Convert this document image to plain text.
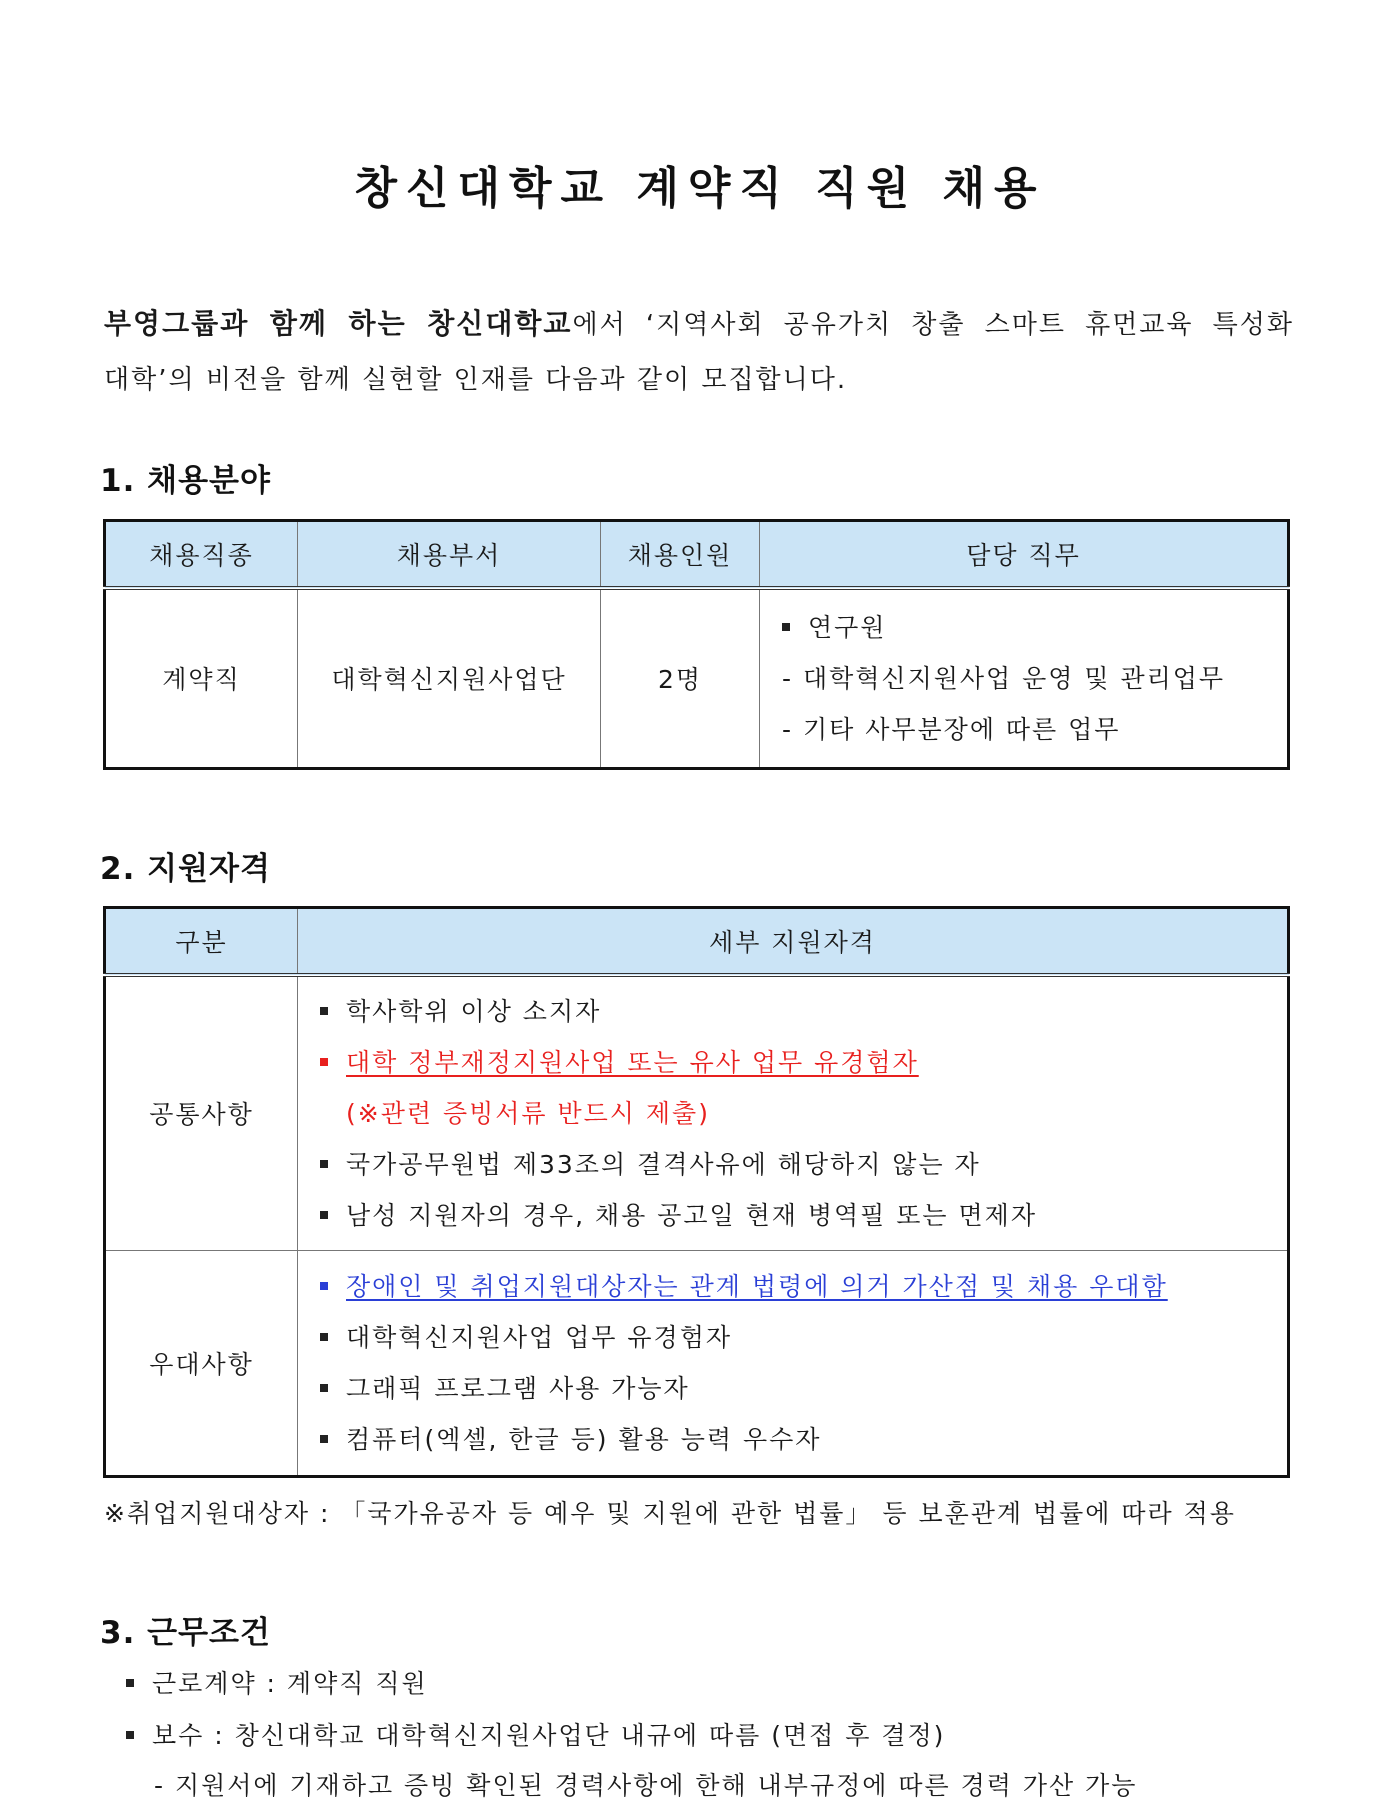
창신대학교 계약직 직원 채용
부영그룹과 함께 하는 창신대학교에서 ‘지역사회 공유가치 창출 스마트 휴먼교육 특성화
대학’의 비전을 함께 실현할 인재를 다음과 같이 모집합니다.
1. 채용분야
채용직종	채용부서	채용인원	담당 직무
계약직	대학혁신지원사업단	2명	연구원
- 대학혁신지원사업 운영 및 관리업무
- 기타 사무분장에 따른 업무
2. 지원자격
구분	세부 지원자격
공통사항	학사학위 이상 소지자
대학 정부재정지원사업 또는 유사 업무 유경험자
(※관련 증빙서류 반드시 제출)
국가공무원법 제33조의 결격사유에 해당하지 않는 자
남성 지원자의 경우, 채용 공고일 현재 병역필 또는 면제자

우대사항	장애인 및 취업지원대상자는 관계 법령에 의거 가산점 및 채용 우대함
대학혁신지원사업 업무 유경험자
그래픽 프로그램 사용 가능자
컴퓨터(엑셀, 한글 등) 활용 능력 우수자
※취업지원대상자 : 「국가유공자 등 예우 및 지원에 관한 법률」 등 보훈관계 법률에 따라 적용
3. 근무조건
근로계약 : 계약직 직원
보수 : 창신대학교 대학혁신지원사업단 내규에 따름 (면접 후 결정)
- 지원서에 기재하고 증빙 확인된 경력사항에 한해 내부규정에 따른 경력 가산 가능
